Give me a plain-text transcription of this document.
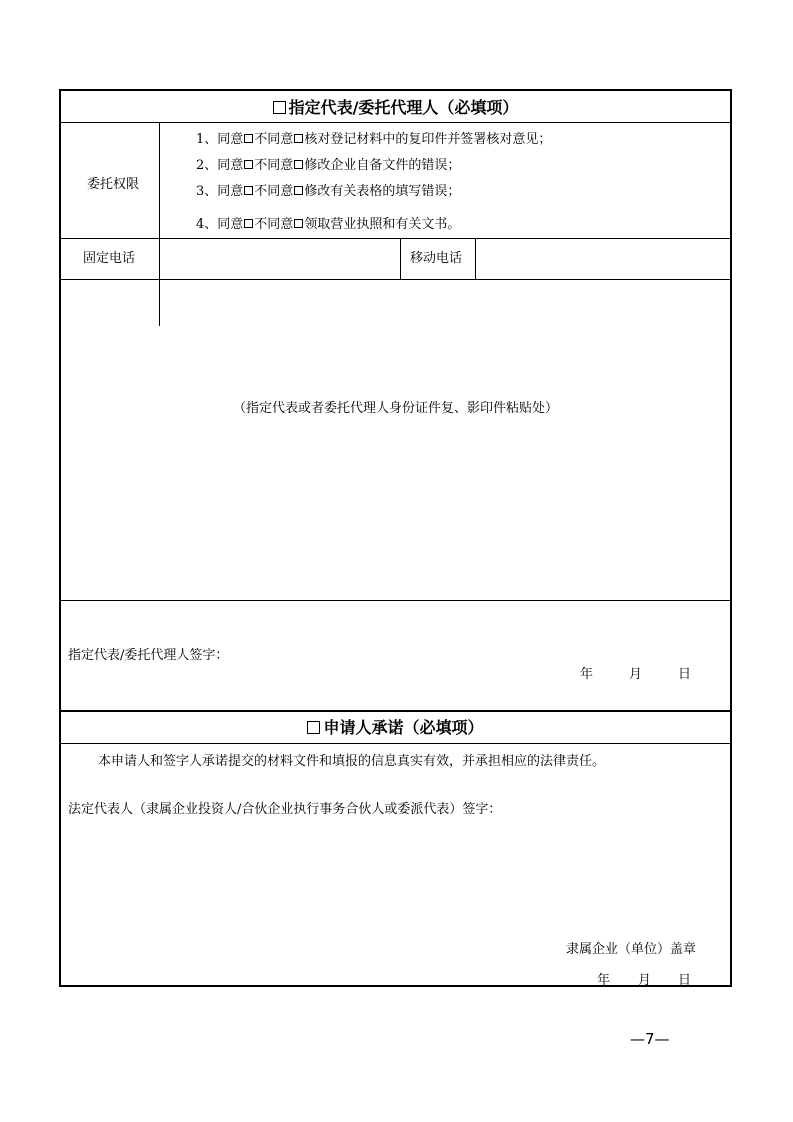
指定代表/委托代理人（必填项）
委托权限
1、同意 不同意 核对登记材料中的复印件并签署核对意见；
2、同意 不同意 修改企业自备文件的错误；
3、同意 不同意 修改有关表格的填写错误；
4、同意 不同意 领取营业执照和有关文书。
固定电话	移动电话
（指定代表或者委托代理人身份证件复、影印件粘贴处）
指定代表/委托代理人签字：
年	月	日
申请人承诺（必填项）
本申请人和签字人承诺提交的材料文件和填报的信息真实有效，并承担相应的法律责任。
法定代表人（隶属企业投资人/合伙企业执行事务合伙人或委派代表）签字：
隶属企业（单位）盖章
年 月 日
—7—
